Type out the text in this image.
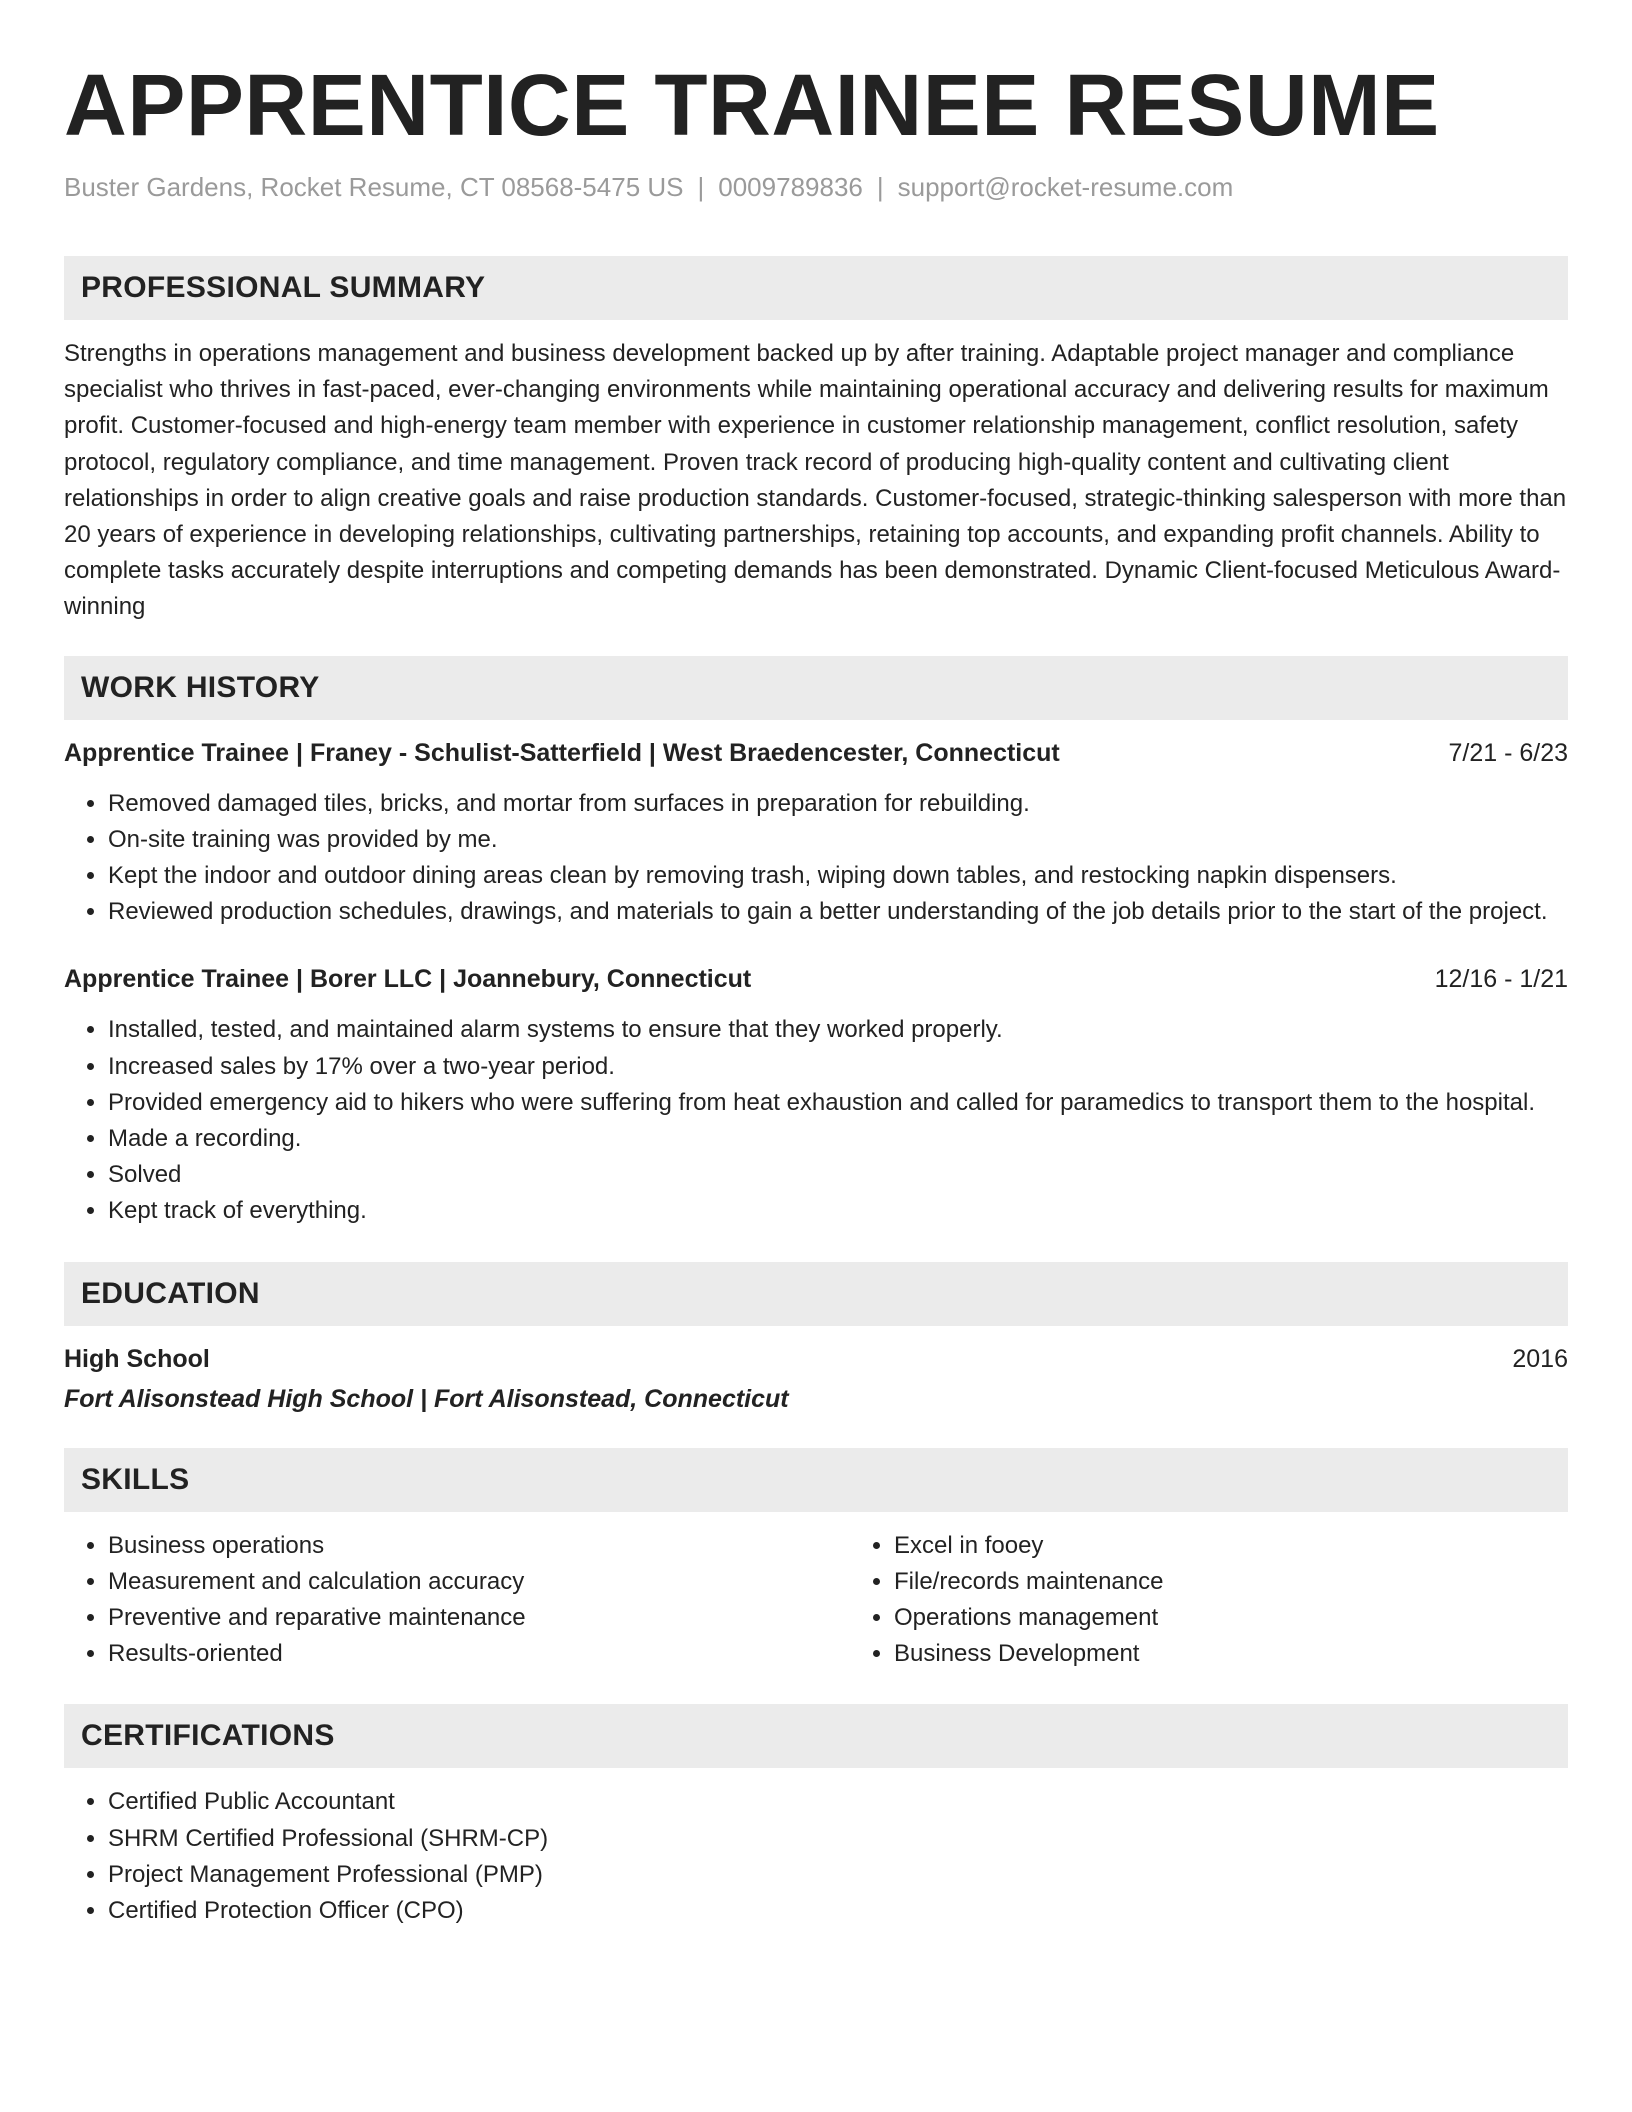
APPRENTICE TRAINEE RESUME
Buster Gardens, Rocket Resume, CT 08568-5475 US | 0009789836 | support@rocket-resume.com
PROFESSIONAL SUMMARY

Strengths in operations management and business development backed up by after training. Adaptable project manager and compliance specialist who thrives in fast-paced, ever-changing environments while maintaining operational accuracy and delivering results for maximum profit. Customer-focused and high-energy team member with experience in customer relationship management, conflict resolution, safety protocol, regulatory compliance, and time management. Proven track record of producing high-quality content and cultivating client relationships in order to align creative goals and raise production standards. Customer-focused, strategic-thinking salesperson with more than 20 years of experience in developing relationships, cultivating partnerships, retaining top accounts, and expanding profit channels. Ability to complete tasks accurately despite interruptions and competing demands has been demonstrated. Dynamic Client-focused Meticulous Award-winning

WORK HISTORY
Apprentice Trainee | Franey - Schulist-Satterfield | West Braedencester, Connecticut	7/21 - 6/23
• Removed damaged tiles, bricks, and mortar from surfaces in preparation for rebuilding.
• On-site training was provided by me.
• Kept the indoor and outdoor dining areas clean by removing trash, wiping down tables, and restocking napkin dispensers.
• Reviewed production schedules, drawings, and materials to gain a better understanding of the job details prior to the start of the project.
Apprentice Trainee | Borer LLC | Joannebury, Connecticut	12/16 - 1/21
• Installed, tested, and maintained alarm systems to ensure that they worked properly.
• Increased sales by 17% over a two-year period.
• Provided emergency aid to hikers who were suffering from heat exhaustion and called for paramedics to transport them to the hospital.
• Made a recording.
• Solved
• Kept track of everything.
EDUCATION
High School	2016
Fort Alisonstead High School | Fort Alisonstead, Connecticut
SKILLS
• Business operations
• Measurement and calculation accuracy
• Preventive and reparative maintenance
• Results-oriented
• Excel in fooey
• File/records maintenance
• Operations management
• Business Development
CERTIFICATIONS
• Certified Public Accountant
• SHRM Certified Professional (SHRM-CP)
• Project Management Professional (PMP)
• Certified Protection Officer (CPO)
